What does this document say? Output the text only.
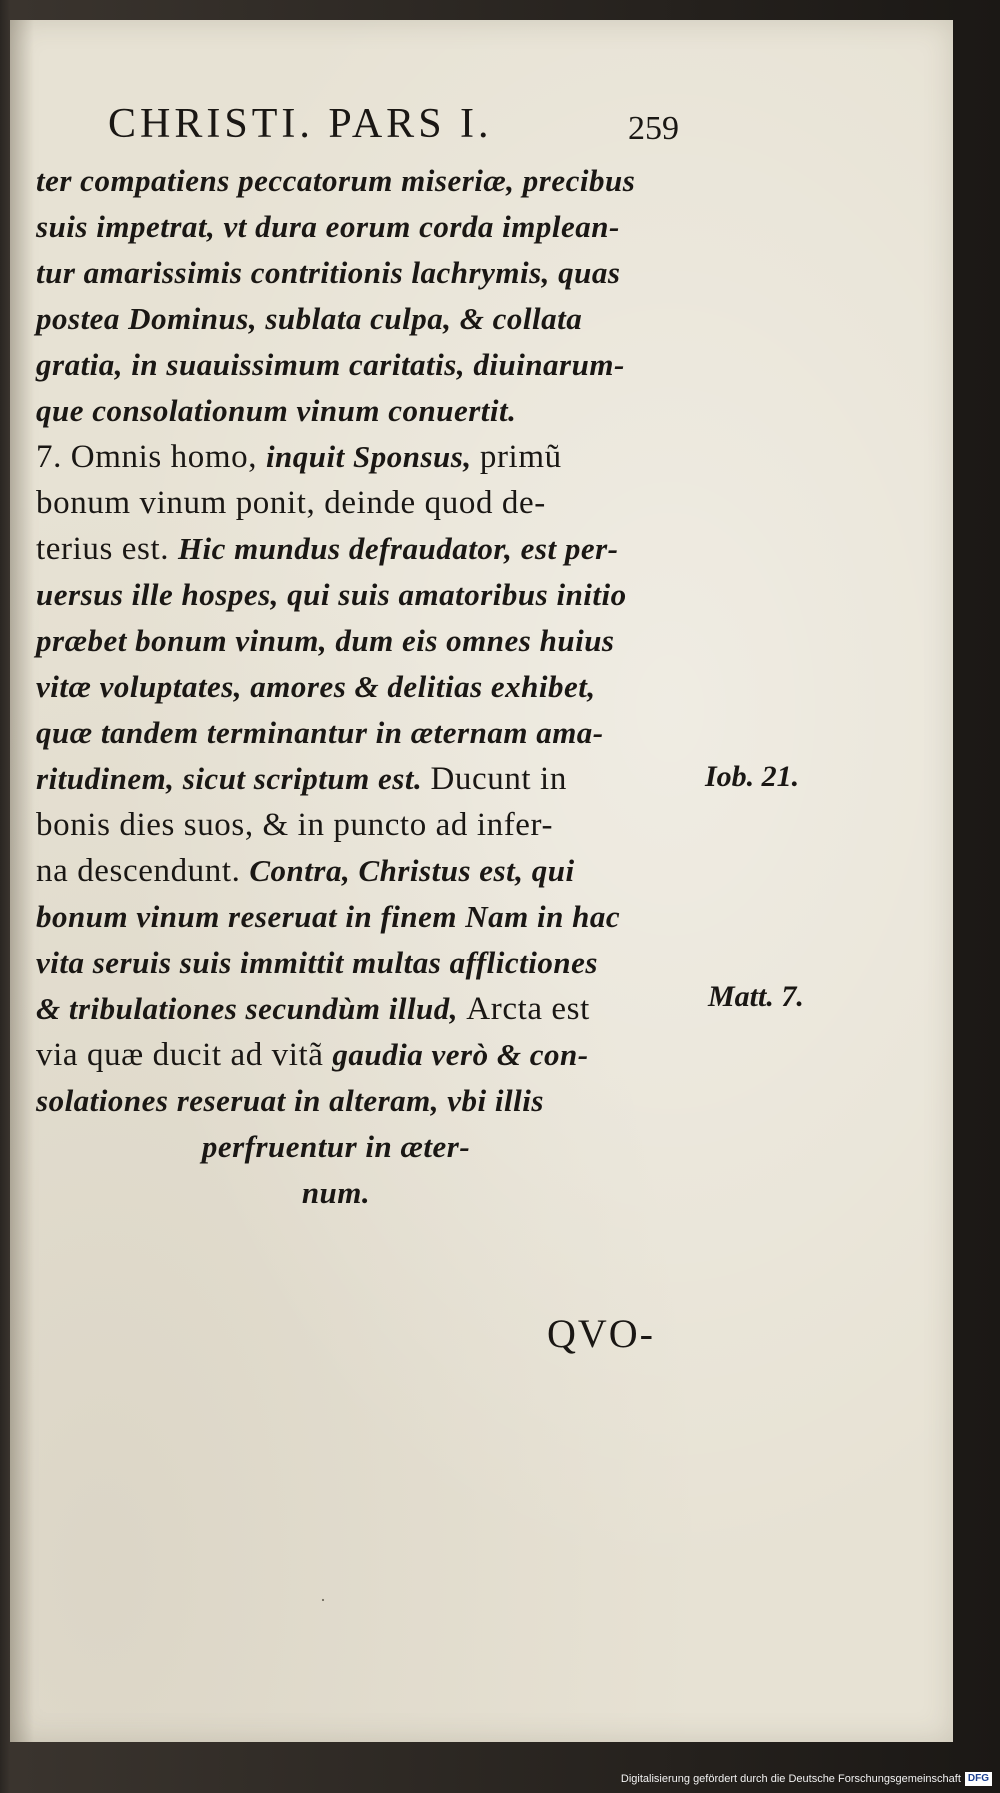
CHRISTI. PARS I.	259
ter compatiens peccatorum miseriæ, precibus
suis impetrat, vt dura eorum corda implean-
tur amarissimis contritionis lachrymis, quas
postea Dominus, sublata culpa, & collata
gratia, in suauissimum caritatis, diuinarum-
que consolationum vinum conuertit.
7. Omnis homo, inquit Sponsus, primũ
bonum vinum ponit, deinde quod de-
terius est. Hic mundus defraudator, est per-
uersus ille hospes, qui suis amatoribus initio
præbet bonum vinum, dum eis omnes huius
vitæ voluptates, amores & delitias exhibet,
quæ tandem terminantur in æternam ama-
ritudinem, sicut scriptum est. Ducunt in
bonis dies suos, & in puncto ad infer-
na descendunt. Contra, Christus est, qui
bonum vinum reseruat in finem Nam in hac
vita seruis suis immittit multas afflictiones
& tribulationes secundùm illud, Arcta est
via quæ ducit ad vitã gaudia verò & con-
solationes reseruat in alteram, vbi illis
perfruentur in æter-
num.
Iob. 21.
Matt. 7.
QVO-
·
Digitalisierung gefördert durch die Deutsche Forschungsgemeinschaft DFG
